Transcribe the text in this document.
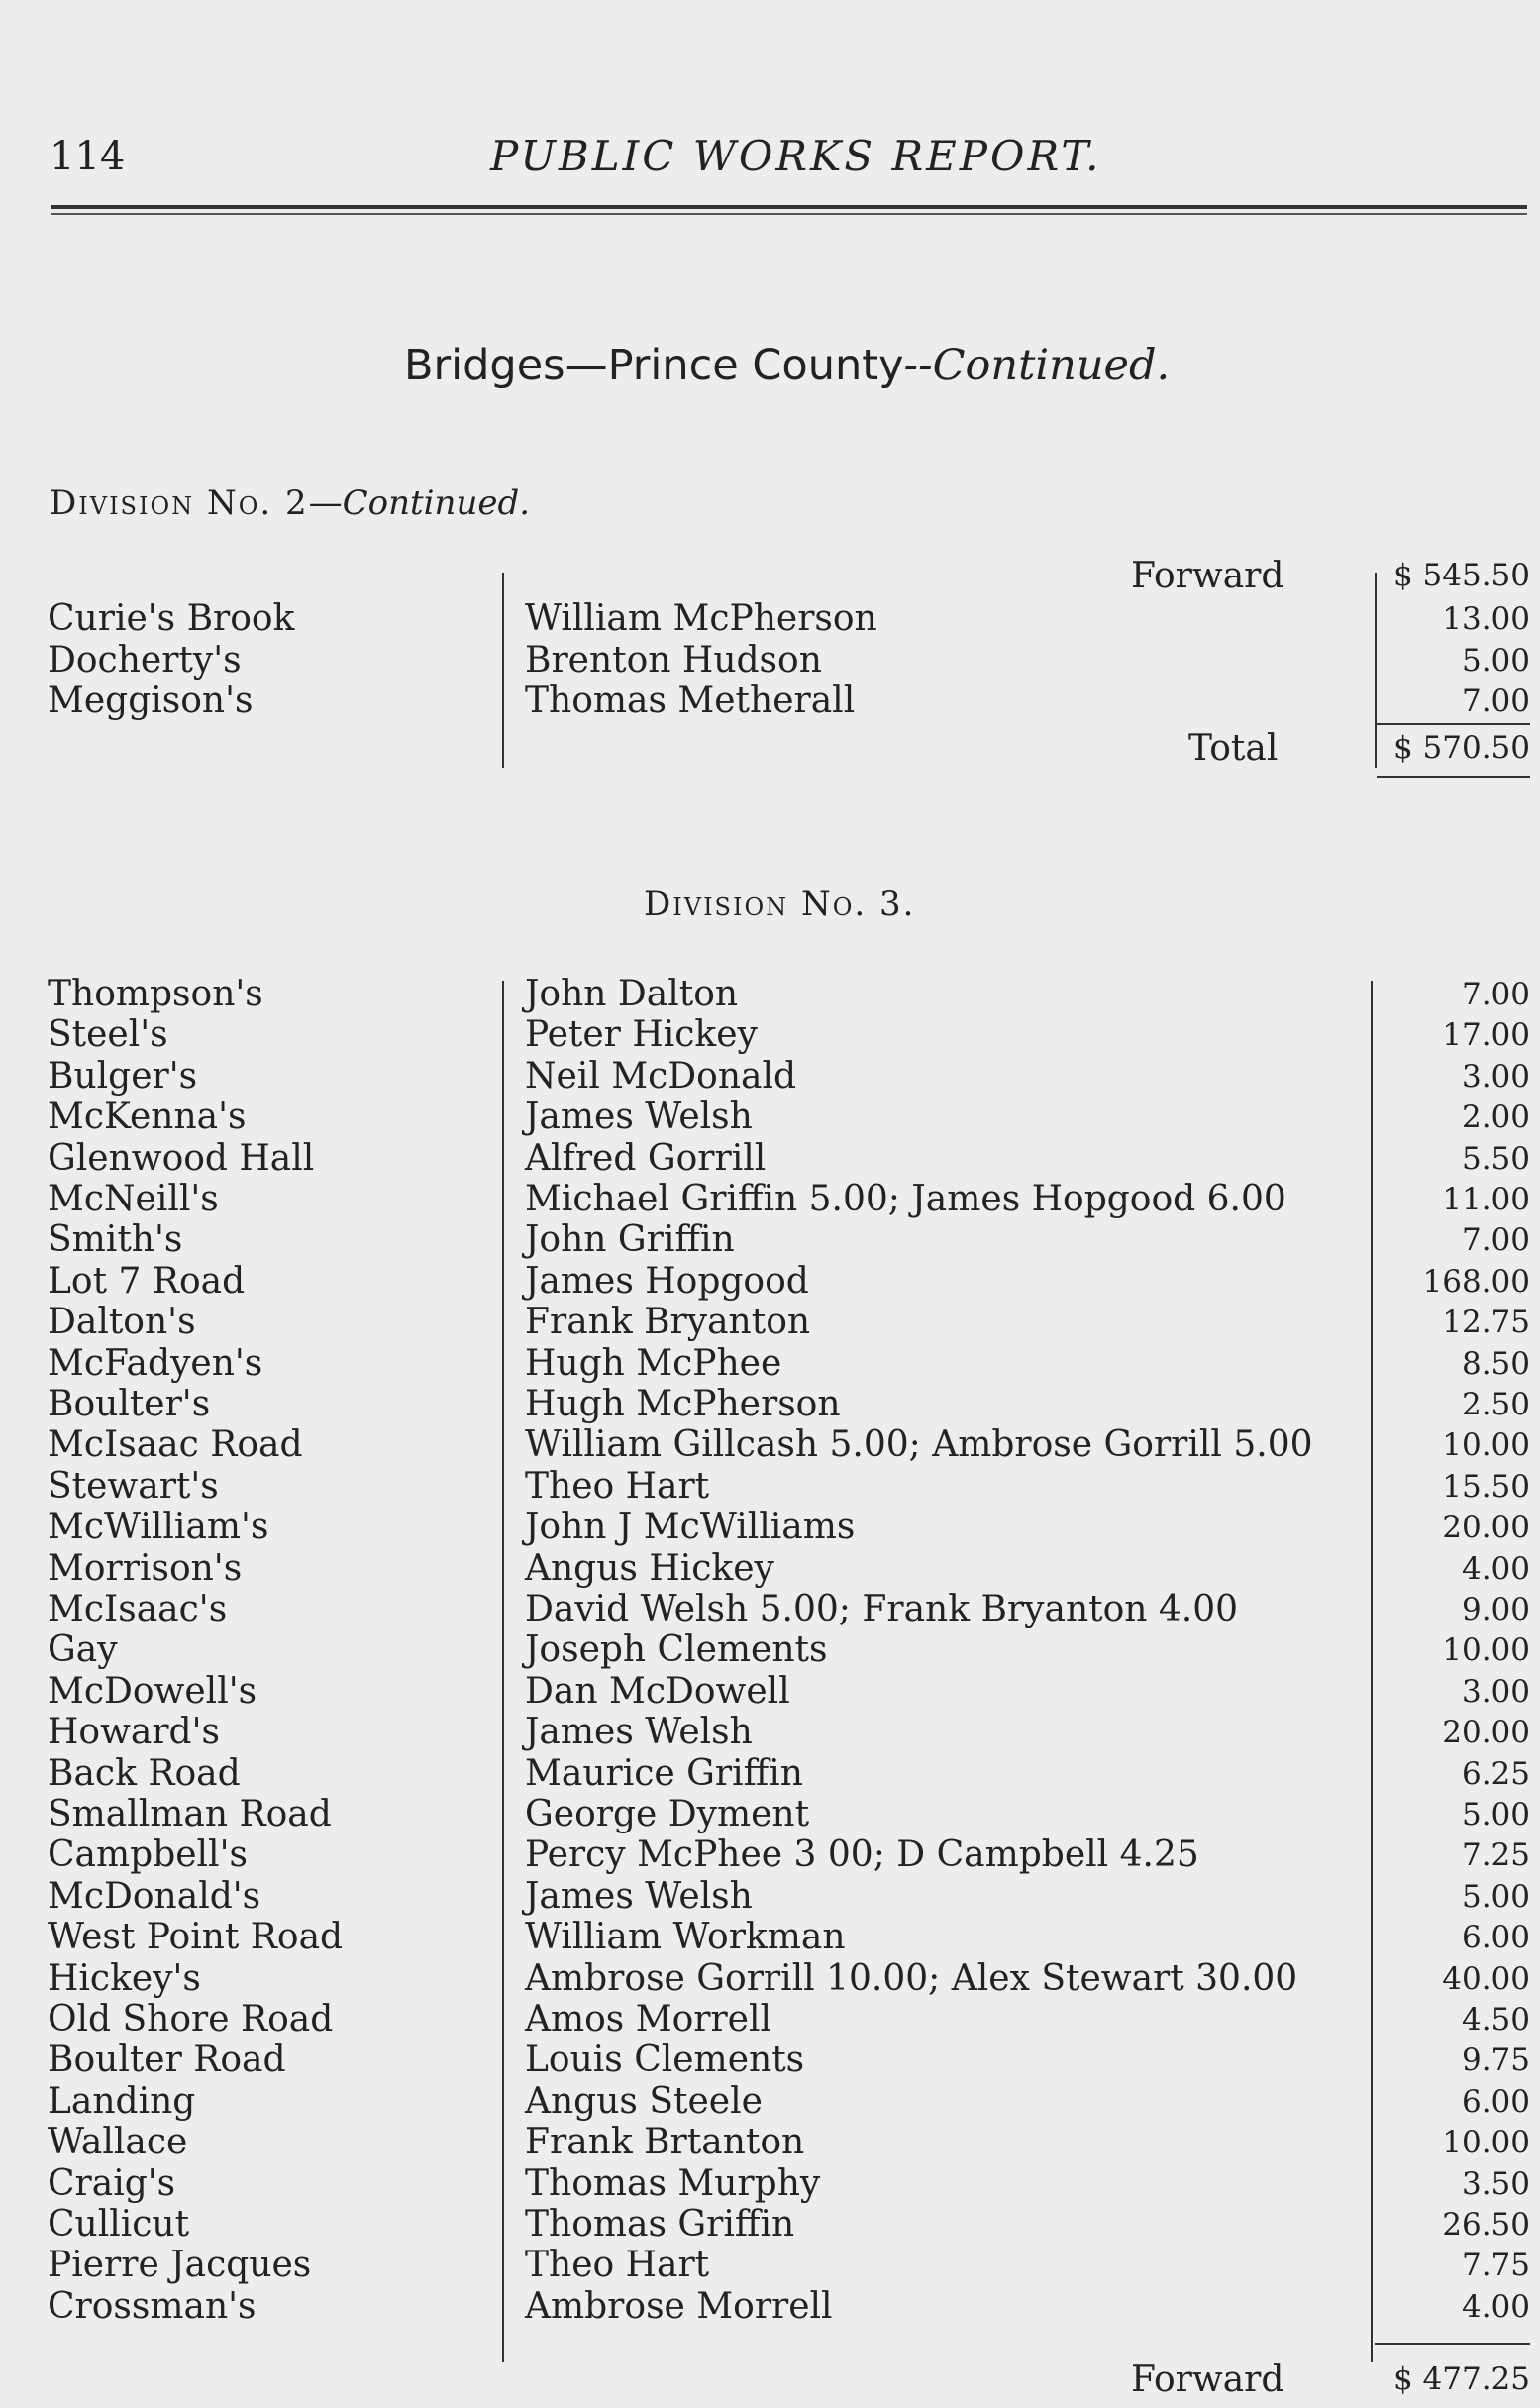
114	PUBLIC WORKS REPORT.
Bridges—Prince County--Continued.
Division No. 2—Continued.
Forward	$ 545.50
Curie's Brook	William McPherson	13.00
Docherty's	Brenton Hudson	5.00
Meggison's	Thomas Metherall	7.00
Total	$ 570.50
Division No. 3.
Thompson's	John Dalton	7.00
Steel's	Peter Hickey	17.00
Bulger's	Neil McDonald	3.00
McKenna's	James Welsh	2.00
Glenwood Hall	Alfred Gorrill	5.50
McNeill's	Michael Griffin 5.00; James Hopgood 6.00	11.00
Smith's	John Griffin	7.00
Lot 7 Road	James Hopgood	168.00
Dalton's	Frank Bryanton	12.75
McFadyen's	Hugh McPhee	8.50
Boulter's	Hugh McPherson	2.50
McIsaac Road	William Gillcash 5.00; Ambrose Gorrill 5.00	10.00
Stewart's	Theo Hart	15.50
McWilliam's	John J McWilliams	20.00
Morrison's	Angus Hickey	4.00
McIsaac's	David Welsh 5.00; Frank Bryanton 4.00	9.00
Gay	Joseph Clements	10.00
McDowell's	Dan McDowell	3.00
Howard's	James Welsh	20.00
Back Road	Maurice Griffin	6.25
Smallman Road	George Dyment	5.00
Campbell's	Percy McPhee 3 00; D Campbell 4.25	7.25
McDonald's	James Welsh	5.00
West Point Road	William Workman	6.00
Hickey's	Ambrose Gorrill 10.00; Alex Stewart 30.00	40.00
Old Shore Road	Amos Morrell	4.50
Boulter Road	Louis Clements	9.75
Landing	Angus Steele	6.00
Wallace	Frank Brtanton	10.00
Craig's	Thomas Murphy	3.50
Cullicut	Thomas Griffin	26.50
Pierre Jacques	Theo Hart	7.75
Crossman's	Ambrose Morrell	4.00
Forward	$ 477.25
